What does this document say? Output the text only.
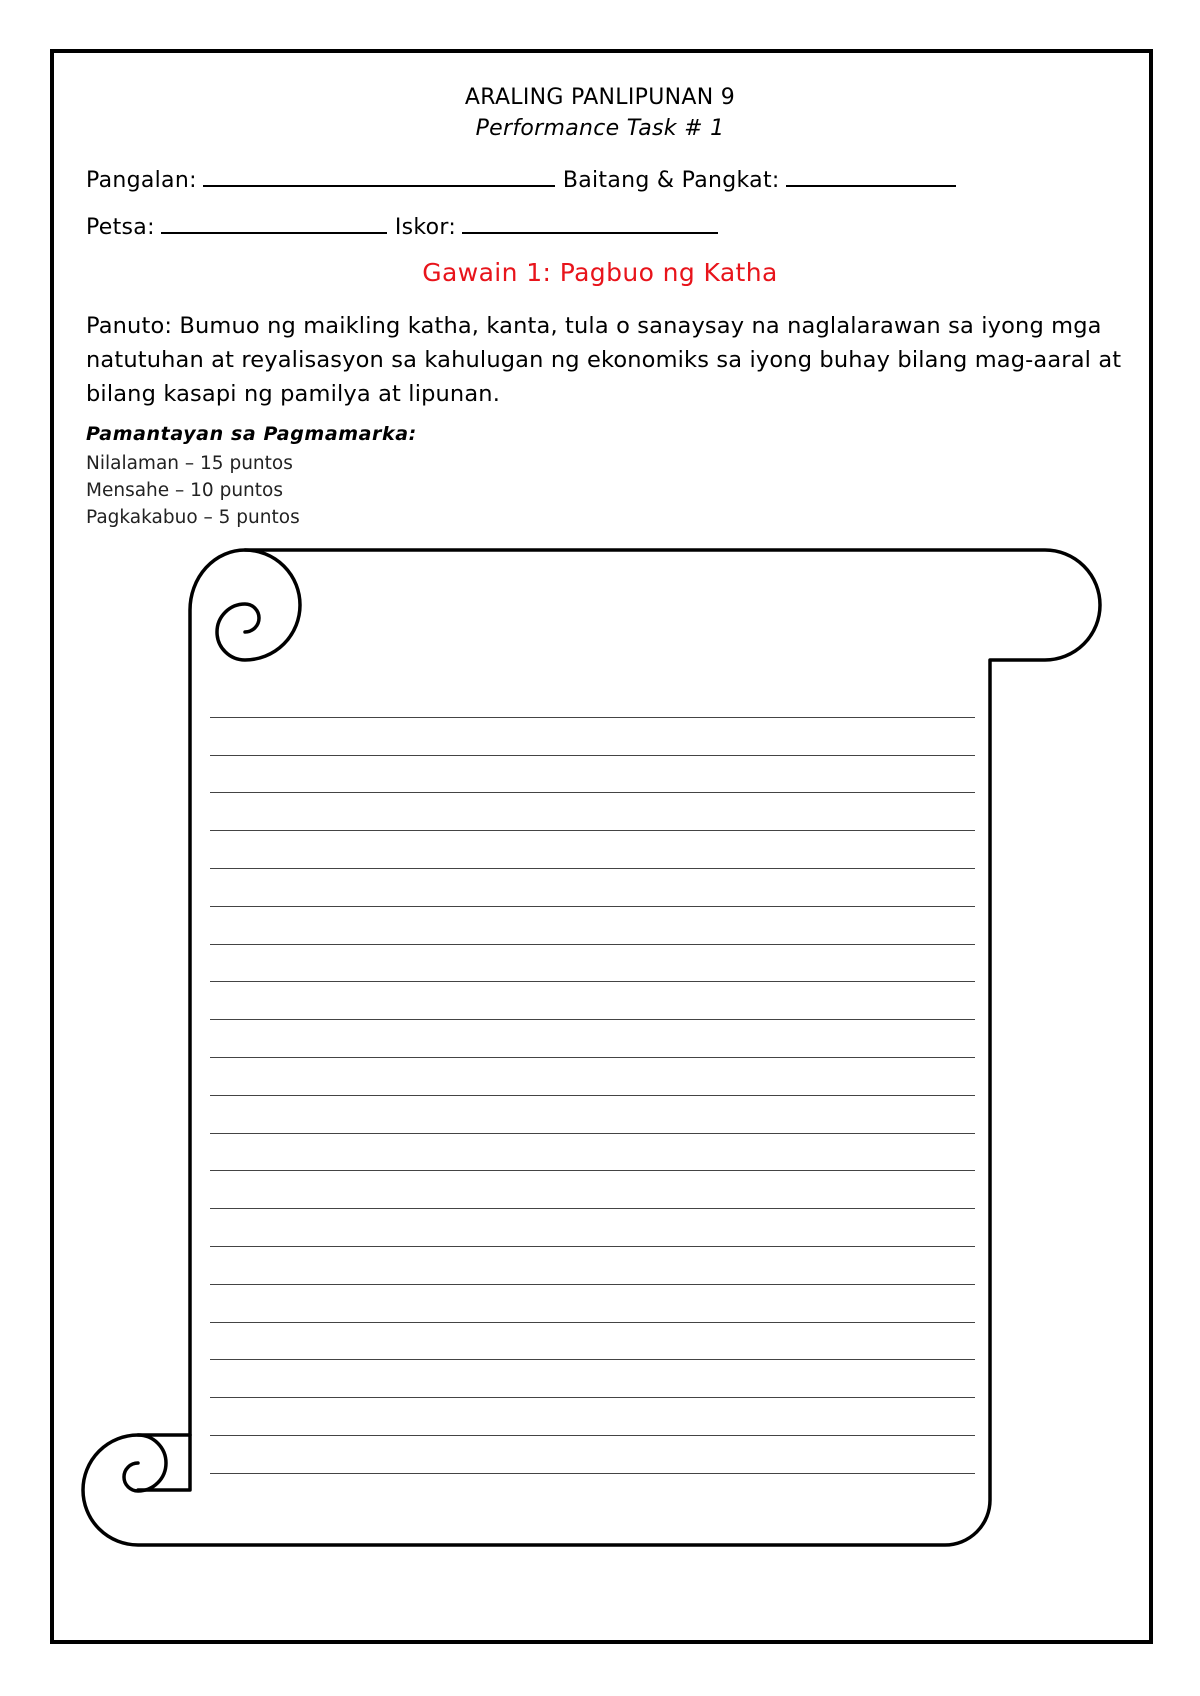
ARALING PANLIPUNAN 9
Performance Task # 1
Pangalan:	Baitang & Pangkat:
Petsa:	Iskor:
Gawain 1: Pagbuo ng Katha
Panuto: Bumuo ng maikling katha, kanta, tula o sanaysay na naglalarawan sa iyong mga natutuhan at reyalisasyon sa kahulugan ng ekonomiks sa iyong buhay bilang mag-aaral at bilang kasapi ng pamilya at lipunan.
Pamantayan sa Pagmamarka:
Nilalaman – 15 puntos
Mensahe – 10 puntos
Pagkakabuo – 5 puntos
